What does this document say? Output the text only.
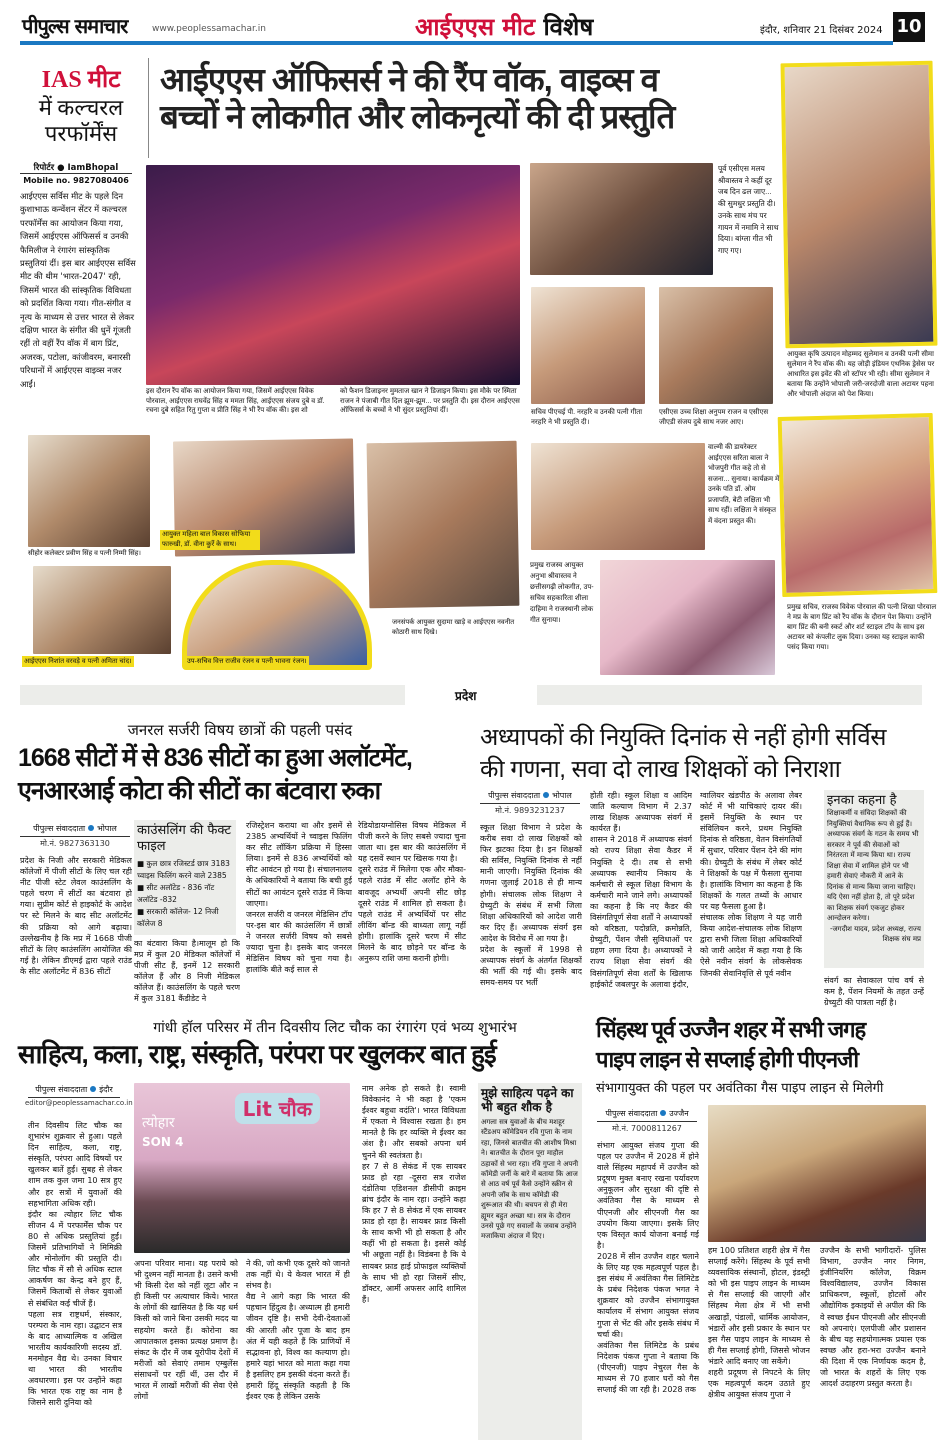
पीपुल्स समाचार	www.peoplessamachar.in	आईएएस मीट विशेष	इंदौर, शनिवार 21 दिसंबर 2024 10
IAS मीट
में कल्चरल
परफॉर्मेंस
आईएएस ऑफिसर्स ने की रैंप वॉक, वाइव्स व
बच्चों ने लोकगीत और लोकनृत्यों की दी प्रस्तुति
रिपोर्टर ● IamBhopal
Mobile no. 9827080406
आईएएस सर्विस मीट के पहले दिन कुशाभाऊ कन्वेंशन सेंटर में कल्चरल परफॉर्मेंस का आयोजन किया गया, जिसमें आईएएस ऑफिसर्स व उनकी फैमिलीज ने रंगारंग सांस्कृतिक प्रस्तुतियां दीं। इस बार आईएएस सर्विस मीट की थीम 'भारत-2047' रही, जिसमें भारत की सांस्कृतिक विविधता को प्रदर्शित किया गया। गीत-संगीत व नृत्य के माध्यम से उत्तर भारत से लेकर दक्षिण भारत के संगीत की धुनें गूंजती रहीं तो वहीं रैंप वॉक में बाग प्रिंट, अजरक, पटोला, कांजीवरम, बनारसी परिधानों में आईएएस वाइव्स नजर आईं।
इस दौरान रैंप वॉक का आयोजन किया गया, जिसमें आईएएस विवेक पोरवाल, आईएएस राघवेंद्र सिंह व ममता सिंह, आईएएस संजय दुबे व डॉ. रचना दुबे सहित रितु गुप्ता व प्रीति सिंह ने भी रैंप वॉक की। इस शो
को फैशन डिजाइनर मुमताज खान ने डिजाइन किया। इस मौके पर स्मिता राजन ने पंजाबी गीत दिल झूम-झूम... पर प्रस्तुति दी। इस दौरान आईएएस ऑफिसर्स के बच्चों ने भी सुंदर प्रस्तुतियां दीं।
पूर्व एसीएस मलय श्रीवास्तव ने कहीं दूर जब दिन ढल जाए... की सुमधुर प्रस्तुति दी। उनके साथ मंच पर गायन में नमामि ने साथ दिया। बांग्ला गीत भी गाए गए।
आयुक्त कृषि उत्पादन मोहम्मद सुलेमान व उनकी पत्नी सीमा सुलेमान ने रैंप वॉक की। यह जोड़ी इंडियन एथनिक ड्रेसेस पर आधारित इस इवेंट की शो स्टॉपर भी रही। सीमा सुलेमान ने बताया कि उन्होंने भोपाली जरी-जरदोजी वाला अटायर पहना और भोपाली अंदाज को पेश किया।
सचिव पीएचई पी. नरहरि व उनकी पत्नी गीता नरहरि ने भी प्रस्तुति दी।
एसीएस उच्च शिक्षा अनुपम राजन व एसीएस जीएडी संजय दुबे साथ नजर आए।
प्रमुख सचिव, राजस्व विवेक पोरवाल की पत्नी शिखा पोरवाल ने मप्र के बाग प्रिंट को रैंप वॉक के दौरान पेश किया। उन्होंने बाग प्रिंट की बनी स्कर्ट और शर्ट स्टाइल टॉप के साथ इस अटायर को कंपलीट लुक दिया। उनका यह स्टाइल काफी पसंद किया गया।
सीहोर कलेक्टर प्रवीण सिंह व पत्नी निम्मी सिंह।
आयुक्त महिला बाल विकास सोफिया फारुखी, डॉ. वीना कुर्रे के साथ।
जनसंपर्क आयुक्त सुदामा खाड़े व आईएएस नवनीत कोठारी साथ दिखे।
आईएएस निशांत वरवड़े व पत्नी अमिता चांद।	उप-सचिव वित्त राजीव रंजन व पत्नी भावना रंजन।
वाल्मी की डायरेक्टर आईएएस सरिता बाला ने भोजपुरी गीत कहे तो से सजना... सुनाया। कार्यक्रम में उनके पति डॉ. ओम प्रजापति, बेटी लक्षिता भी साथ रहीं। लक्षिता ने संस्कृत में वंदना प्रस्तुत की।
प्रमुख राजस्व आयुक्त अनुभा श्रीवास्तव ने छत्तीसगढ़ी लोकगीत, उप-सचिव सहकारिता शीला दाहिमा ने राजस्थानी लोक गीत सुनाया।
प्रदेश
जनरल सर्जरी विषय छात्रों की पहली पसंद
1668 सीटों में से 836 सीटों का हुआ अलॉटमेंट,
एनआरआई कोटा की सीटों का बंटवारा रुका
पीपुल्स संवाददाता भोपाल
मो.नं. 9827363130
प्रदेश के निजी और सरकारी मेडिकल कॉलेजों में पीजी सीटों के लिए चल रही नीट पीजी स्टेट लेवल काउंसलिंग के पहले चरण में सीटों का बंटवारा हो गया। सुप्रीम कोर्ट से हाइकोर्ट के आदेश पर स्टे मिलने के बाद सीट अलॉटमेंट की प्रक्रिया को आगे बढ़ाया। उल्लेखनीय है कि मप्र में 1668 पीजी सीटों के लिए काउंसलिंग आयोजित की गई है। लेकिन डीएमई द्वारा पहले राउंड के सीट अलॉटमेंट में 836 सीटों
काउंसलिंग की फैक्ट फाइल
■ कुल छात्र रजिस्टर्ड छात्र 3183 च्वाइस फिलिंग करने वाले 2385
■ सीट अलॉटेड - 836 नॉट अलॉटेड -832
■ सरकारी कॉलेज- 12 निजी कॉलेज 8
का बंटवारा किया है।मालूम हो कि मप्र में कुल 20 मेडिकल कॉलेजों में पीजी सीट हैं, इनमें 12 सरकारी कॉलेज हैं और 8 निजी मेडिकल कॉलेज हैं। काउंसलिंग के पहले चरण में कुल 3181 कैंडीडेट ने
रजिस्ट्रेशन कराया था और इसमें से 2385 अभ्यर्थियों ने च्वाइस फिलिंग कर सीट लॉकिंग प्रक्रिया में हिस्सा लिया। इनमें से 836 अभ्यर्थियों को सीट आवंटन हो गया है। संचालनालय के अधिकारियों ने बताया कि बची हुई सीटों का आवंटन दूसरे राउंड में किया जाएगा।
जनरल सर्जरी व जनरल मेडिसिन टॉप पर-इस बार की काउंसलिंग में छात्रों ने जनरल सर्जरी विषय को सबसे ज्यादा चुना है। इसके बाद जनरल मेडिसिन विषय को चुना गया है। हालांकि बीते कई साल से
रेडियोडायग्नोसिस विषय मेडिकल में पीजी करने के लिए सबसे ज्यादा चुना जाता था। इस बार की काउंसलिंग में यह दसवें स्थान पर खिसक गया है।
दूसरे राउंड में मिलेगा एक और मौका-पहले राउंड में सीट अलॉट होने के बावजूद अभ्यर्थी अपनी सीट छोड़ दूसरे राउंड में शामिल हो सकता है। पहले राउंड में अभ्यर्थियों पर सीट लीविंग बॉन्ड की बाध्यता लागू नहीं होगी। हालांकि दूसरे चरण में सीट मिलने के बाद छोड़ने पर बॉन्ड के अनुरूप राशि जमा करानी होगी।
अध्यापकों की नियुक्ति दिनांक से नहीं होगी सर्विस
की गणना, सवा दो लाख शिक्षकों को निराशा
पीपुल्स संवाददाता भोपाल
मो.नं. 9893231237
स्कूल शिक्षा विभाग ने प्रदेश के करीब सवा दो लाख शिक्षकों को फिर झटका दिया है। इन शिक्षकों की सर्विस, नियुक्ति दिनांक से नहीं मानी जाएगी। नियुक्ति दिनांक की गणना जुलाई 2018 से ही मान्य होगी। संचालक लोक शिक्षण ने ग्रेच्युटी के संबंध में सभी जिला शिक्षा अधिकारियों को आदेश जारी कर दिए हैं। अध्यापक संवर्ग इस आदेश के विरोध में आ गया है।
प्रदेश के स्कूलों में 1998 से अध्यापक संवर्ग के अंतर्गत शिक्षकों की भर्ती की गई थी। इसके बाद समय-समय पर भर्ती
होती रही। स्कूल शिक्षा व आदिम जाति कल्याण विभाग में 2.37 लाख शिक्षक अध्यापक संवर्ग में कार्यरत हैं।
शासन ने 2018 में अध्यापक संवर्ग को राज्य शिक्षा सेवा कैडर में नियुक्ति दे दी। तब से सभी अध्यापक स्थानीय निकाय के कर्मचारी से स्कूल शिक्षा विभाग के कर्मचारी माने जाने लगे। अध्यापकों का कहना है कि नए कैडर की विसंगतिपूर्ण सेवा शर्तों ने अध्यापकों को वरिष्ठता, पदोन्नति, क्रमोन्नति, ग्रेच्युटी, पेंशन जैसी सुविधाओं पर ग्रहण लगा दिया है। अध्यापकों ने राज्य शिक्षा सेवा संवर्ग की विसंगतिपूर्ण सेवा शर्तों के खिलाफ हाईकोर्ट जबलपुर के अलावा इंदौर,
ग्वालियर खंडपीठ के अलावा लेबर कोर्ट में भी याचिकाएं दायर कीं। इसमें नियुक्ति के स्थान पर संविलियन करने, प्रथम नियुक्ति दिनांक से वरिष्ठता, वेतन विसंगतियों में सुधार, परिवार पेंशन देने की मांग की। ग्रेच्युटी के संबंध में लेबर कोर्ट ने शिक्षकों के पक्ष में फैसला सुनाया है। हालांकि विभाग का कहना है कि शिक्षकों के गलत तथ्यों के आधार पर यह फैसला हुआ है।
संचालक लोक शिक्षण ने यह जारी किया आदेश-संचालक लोक शिक्षण द्वारा सभी जिला शिक्षा अधिकारियों को जारी आदेश में कहा गया है कि ऐसे नवीन संवर्ग के लोकसेवक जिनकी सेवानिवृत्ति से पूर्व नवीन
इनका कहना है
शिक्षाकर्मी व संविदा शिक्षकों की नियुक्तियां वैधानिक रूप से हुई हैं। अध्यापक संवर्ग के गठन के समय भी सरकार ने पूर्व की सेवाओं को निरंतरता में मान्य किया था। राज्य शिक्षा सेवा में शामिल होने पर भी हमारी सेवाएं नौकरी में आने के दिनांक से मान्य किया जाना चाहिए। यदि ऐसा नहीं होता है, तो पूरे प्रदेश का शिक्षक संवर्ग एकजुट होकर आन्दोलन करेगा।
-जगदीश यादव, प्रदेश अध्यक्ष, राज्य शिक्षक संघ मप्र
संवर्ग का सेवाकाल पांच वर्ष से कम है, पेंशन नियमों के तहत उन्हें ग्रेच्युटी की पात्रता नहीं है।
गांधी हॉल परिसर में तीन दिवसीय लिट चौक का रंगारंग एवं भव्य शुभारंभ
साहित्य, कला, राष्ट्र, संस्कृति, परंपरा पर खुलकर बात हुई
पीपुल्स संवाददाता इंदौर
editor@peoplessamachar.co.in
तीन दिवसीय लिट चौक का शुभारंभ शुक्रवार से हुआ। पहले दिन साहित्य, कला, राष्ट्र, संस्कृति, परंपरा आदि विषयों पर खुलकर बातें हुईं। सुबह से लेकर शाम तक कुल जमा 10 सत्र हुए और हर सत्रों में युवाओं की सहभागिता अधिक रही।
इंदौर का त्योहार लिट चौक सीजन 4 में परफार्मेंस चौक पर 80 से अधिक प्रस्तुतियां हुईं। जिसमें प्रतिभागियों ने मिमिक्री और मोनोलॉग की प्रस्तुति दी। लिट चौक में सौ से अधिक स्टाल आकर्षण का केन्द्र बने हुए हैं, जिसमें किताबों से लेकर युवाओं से संबंधित कई चीजें हैं।
पहला सत्र राष्ट्रधर्म, संस्कार, परम्परा के नाम रहा। उद्घाटन सत्र के बाद आध्यात्मिक व अखिल भारतीय कार्यकारिणी सदस्य डॉ. मनमोहन वैद्य थे। उनका विचार था भारत की भारतीय अवधारणा। इस पर उन्होंने कहा कि भारत एक राष्ट्र का नाम है जिसने सारी दुनिया को
Lit चौक
त्योहार
SON 4
अपना परिवार माना। यह पराये को भी दुश्मन नहीं मानता है। उसने कभी भी किसी देश को नहीं लूटा और न ही किसी पर अत्याचार किये। भारत के लोगों की खासियत है कि यह धर्म किसी को जाने बिना उसकी मदद या सहयोग करते हैं। कोरोना का आपातकाल इसका प्रत्यक्ष प्रमाण है। संकट के दौर में जब यूरोपीय देशों में मरीजों को सेवाएं तमाम एम्बुलेंस संसाधनों पर रहीं थीं, उस दौर में भारत में लाखों मरीजों की सेवा ऐसे लोगों
ने की, जो कभी एक दूसरे को जानते तक नहीं थे। ये केवल भारत में ही संभव है।
वैद्य ने आगे कहा कि भारत की पहचान हिंदुत्व है। अध्यात्म ही हमारी जीवन दृष्टि है। सभी देवी-देवताओं की आरती और पूजा के बाद हम अंत में यही कहते हैं कि प्राणियों में सद्भावना हो, विश्व का कल्याण हो। हमारे यहां भारत को माता कहा गया है इसलिए हम इसकी वंदना करते हैं। हमारी हिंदू संस्कृति कहती है कि ईश्वर एक है लेकिन उसके
नाम अनेक हो सकते है। स्वामी विवेकानंद ने भी कहा है 'एकम ईश्वर बहुधा वदंति'। भारत विविधता में एकता मे विश्वास रखता है। हम मानते है कि हर व्यक्ति मे ईश्वर का अंश है। और सबको अपना धर्म चुनने की स्वतंत्रता है।
हर 7 से 8 सेकंड में एक सायबर फ्राड हो रहा -दूसरा सत्र राजेश दंडोतिया एडिशनल डीसीपी क्राइम ब्रांच इंदौर के नाम रहा। उन्होंने कहा कि हर 7 से 8 सेकंड में एक सायबर फ्राड हो रहा है। सायबर फ्राड किसी के साथ कभी भी हो सकता है और कहीं भी हो सकता है। इससे कोई भी अछूता नहीं है। विडंबना है कि ये सायबर फ्राड हाई प्रोफाइल व्यक्तियों के साथ भी हो रहा जिसमें सीए, डॉक्टर, आर्मी अफसर आदि शामिल हैं।
मुझे साहित्य पढ़ने का भी बहुत शौक है
अगला सत्र युवाओं के बीच मशहूर स्टैंडअप कॉमेडियन रवि गुप्ता के नाम रहा, जिनसे बातचीत की आशीष मिश्रा ने। बातचीत के दौरान पूरा माहौल ठहाकों से भरा रहा। रवि गुप्ता ने अपनी कॉमेडी जर्नी के बारे में बताया कि आज से आठ वर्ष पूर्व कैसे उन्होंने स्क्रीन से अपनी जॉब के साथ कॉमेडी की शुरूआत की थी। बचपन से ही मेरा ह्यूमर बहुत अच्छा था। सत्र के दौरान उनसे पूछे गए सवालों के जवाब उन्होंने मजाकिया अंदाज में दिए।
सिंहस्थ पूर्व उज्जैन शहर में सभी जगह
पाइप लाइन से सप्लाई होगी पीएनजी
संभागायुक्त की पहल पर अवंतिका गैस पाइप लाइन से मिलेगी
पीपुल्स संवाददाता उज्जैन
मो.नं. 7000811267
संभाग आयुक्त संजय गुप्ता की पहल पर उज्जैन में 2028 में होने वाले सिंहस्थ महापर्व में उज्जैन को प्रदूषण मुक्त बनाए रखना पर्यावरण अनुकूलन और सुरक्षा की दृष्टि से अवंतिका गैस के माध्यम से पीएनजी और सीएनजी गैस का उपयोग किया जाएगा। इसके लिए एक विस्तृत कार्य योजना बनाई गई है।
2028 में सीन उज्जैन शहर चलाने के लिए यह एक महत्वपूर्ण पहल है। इस संबंध में अवंतिका गैस लिमिटेड के प्रबंध निदेशक पंकज भगत ने शुक्रवार को उज्जैन संभागायुक्त कार्यालय में संभाग आयुक्त संजय गुप्ता से भेंट की और इसके संबंध में चर्चा की।
अवंतिका गैस लिमिटेड के प्रबंध निदेशक पंकज गुप्ता ने बताया कि (पीएनजी) पाइप नेचुरल गैस के माध्यम से 70 हजार घरों को गैस सप्लाई की जा रही है। 2028 तक
हम 100 प्रतिशत शहरी क्षेत्र में गैस सप्लाई करेंगे। सिंहस्थ के पूर्व सभी व्यवसायिक संस्थानों, होटल, इंडस्ट्री को भी इस पाइप लाइन के माध्यम से गैस सप्लाई की जाएगी और सिंहस्थ मेला क्षेत्र में भी सभी अखाड़ों, पंडालों, धार्मिक आयोजन, भंडारों और इसी प्रकार के स्थान पर इस गैस पाइप लाइन के माध्यम से ही गैस सप्लाई होगी, जिससे भोजन भंडारे आदि बनाए जा सकेंगे।
शहरी प्रदूषण से निपटने के लिए एक महत्वपूर्ण कदम उठाते हुए क्षेत्रीय आयुक्त संजय गुप्ता ने
उज्जैन के सभी भागीदारों- पुलिस विभाग, उज्जैन नगर निगम, इंजीनियरिंग कॉलेज, विक्रम विश्वविद्यालय, उज्जैन विकास प्राधिकरण, स्कूलों, होटलों और औद्योगिक इकाइयों से अपील की कि वे स्वच्छ ईंधन पीएनजी और सीएनजी को अपनाएं। एलपीजी और प्रशासन के बीच यह सहयोगात्मक प्रयास एक स्वच्छ और हरा-भरा उज्जैन बनाने की दिशा में एक निर्णायक कदम है, जो भारत के शहरों के लिए एक आदर्श उदाहरण प्रस्तुत करता है।
